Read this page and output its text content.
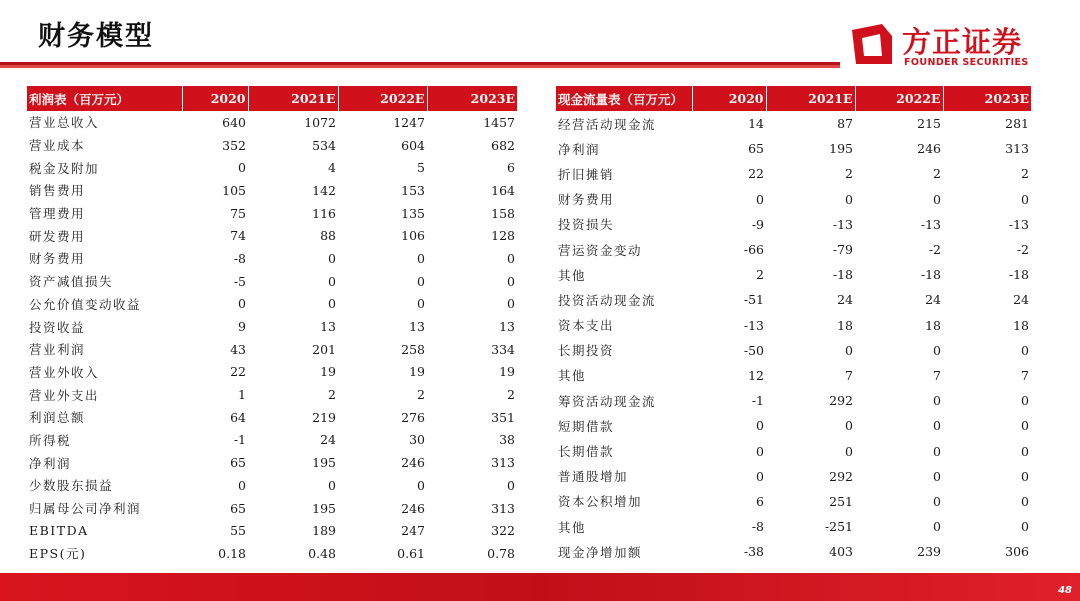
财务模型	方正证券
FOUNDER SECURITIES
利润表（百万元）	2020	2021E	2022E	2023E
营业总收入	640	1072	1247	1457
营业成本	352	534	604	682
税金及附加	0	4	5	6
销售费用	105	142	153	164
管理费用	75	116	135	158
研发费用	74	88	106	128
财务费用	-8	0	0	0
资产减值损失	-5	0	0	0
公允价值变动收益	0	0	0	0
投资收益	9	13	13	13
营业利润	43	201	258	334
营业外收入	22	19	19	19
营业外支出	1	2	2	2
利润总额	64	219	276	351
所得税	-1	24	30	38
净利润	65	195	246	313
少数股东损益	0	0	0	0
归属母公司净利润	65	195	246	313
EBITDA	55	189	247	322
EPS(元)	0.18	0.48	0.61	0.78
现金流量表（百万元）	2020	2021E	2022E	2023E
经营活动现金流	14	87	215	281
净利润	65	195	246	313
折旧摊销	22	2	2	2
财务费用	0	0	0	0
投资损失	-9	-13	-13	-13
营运资金变动	-66	-79	-2	-2
其他	2	-18	-18	-18
投资活动现金流	-51	24	24	24
资本支出	-13	18	18	18
长期投资	-50	0	0	0
其他	12	7	7	7
筹资活动现金流	-1	292	0	0
短期借款	0	0	0	0
长期借款	0	0	0	0
普通股增加	0	292	0	0
资本公积增加	6	251	0	0
其他	-8	-251	0	0
现金净增加额	-38	403	239	306
48
